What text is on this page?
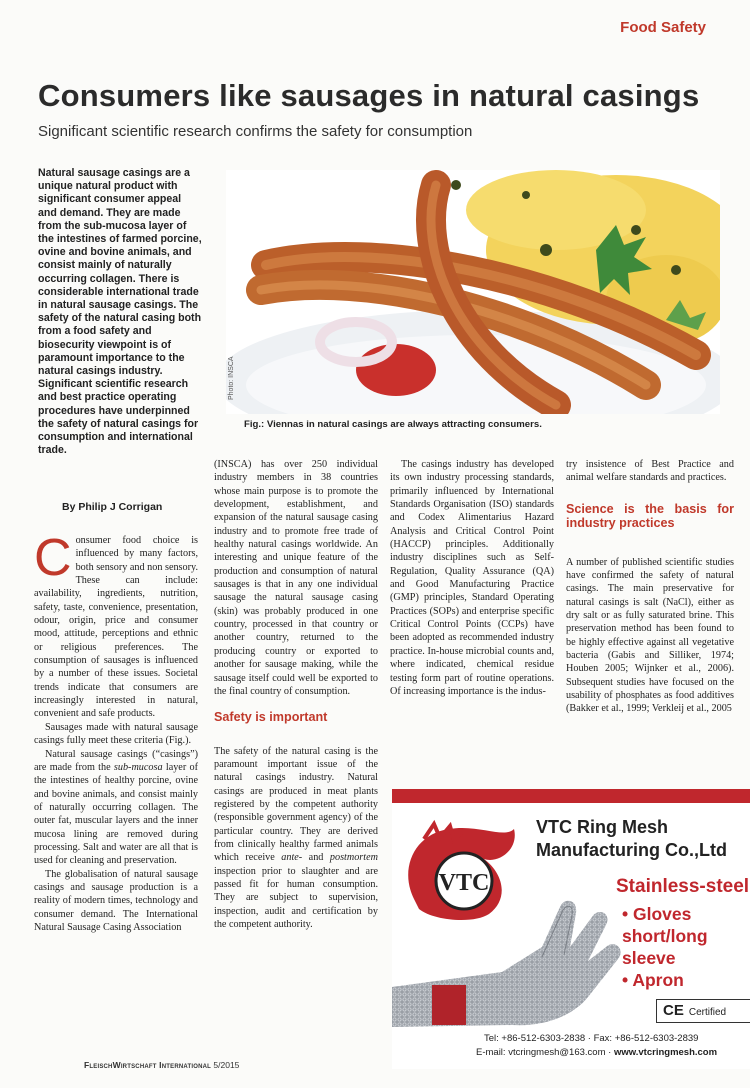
Food Safety
Consumers like sausages in natural casings
Significant scientific research confirms the safety for consumption
Natural sausage casings are a unique natural product with significant consumer appeal and demand. They are made from the sub-mucosa layer of the intestines of farmed porcine, ovine and bovine animals, and consist mainly of naturally occurring collagen. There is considerable international trade in natural sausage casings. The safety of the natural casing both from a food safety and biosecurity viewpoint is of paramount importance to the natural casings industry. Significant scientific research and best practice operating procedures have underpinned the safety of natural casings for consumption and international trade.
By Philip J Corrigan
Photo: INSCA
Fig.: Viennas in natural casings are always attracting consumers.

Consumer food choice is influenced by many factors, both sensory and non sensory. These can include: availability, ingredients, nutrition, safety, taste, convenience, presentation, odour, origin, price and consumer mood, attitude, perceptions and ethnic or religious preferences. The consumption of sausages is influenced by a number of these issues. Societal trends indicate that consumers are increasingly interested in natural, convenient and safe products.

Sausages made with natural sausage casings fully meet these criteria (Fig.).

Natural sausage casings (“casings”) are made from the sub-mucosa layer of the intestines of healthy porcine, ovine and bovine animals, and consist mainly of naturally occurring collagen. The outer fat, muscular layers and the inner mucosa lining are removed during processing. Salt and water are all that is used for cleaning and preservation.

The globalisation of natural sausage casings and sausage production is a reality of modern times, technology and consumer demand. The International Natural Sausage Casing Association

(INSCA) has over 250 individual industry members in 38 countries whose main purpose is to promote the development, establishment, and expansion of the natural sausage casing industry and to promote free trade of healthy natural casings worldwide. An interesting and unique feature of the production and consumption of natural sausages is that in any one individual sausage the natural sausage casing (skin) was probably produced in one country, processed in that country or another country, returned to the producing country or exported to another for sausage making, while the sausage itself could well be exported to the final country of consumption.

Safety is important

The safety of the natural casing is the paramount important issue of the natural casings industry. Natural casings are produced in meat plants registered by the competent authority (responsible government agency) of the particular country. They are derived from clinically healthy farmed animals which receive ante- and postmortem inspection prior to slaughter and are passed fit for human consumption. They are subject to supervision, inspection, audit and certification by the competent authority.

The casings industry has developed its own industry processing standards, primarily influenced by International Standards Organisation (ISO) standards and Codex Alimentarius Hazard Analysis and Critical Control Point (HACCP) principles. Additionally industry disciplines such as Self-Regulation, Quality Assurance (QA) and Good Manufacturing Practice (GMP) principles, Standard Operating Practices (SOPs) and enterprise specific Critical Control Points (CCPs) have been adopted as recommended industry practice. In-house microbial counts and, where indicated, chemical residue testing form part of routine operations. Of increasing importance is the indus-

try insistence of Best Practice and animal welfare standards and practices.

Science is the basis for industry practices

A number of published scientific studies have confirmed the safety of natural casings. The main preservative for natural casings is salt (NaCl), either as dry salt or as fully saturated brine. This preservation method has been found to be highly effective against all vegetative bacteria (Gabis and Silliker, 1974; Houben 2005; Wijnker et al., 2006). Subsequent studies have focused on the usability of phosphates as food additives (Bakker et al., 1999; Verkleij et al., 2005

VTC
VTC Ring Mesh
Manufacturing Co.,Ltd
Stainless-steel
• Gloves
short/long
sleeve
• Apron
CE Certified
Tel: +86-512-6303-2838 · Fax: +86-512-6303-2839
E-mail: vtcringmesh@163.com · www.vtcringmesh.com
FleischWirtschaft International 5/2015
